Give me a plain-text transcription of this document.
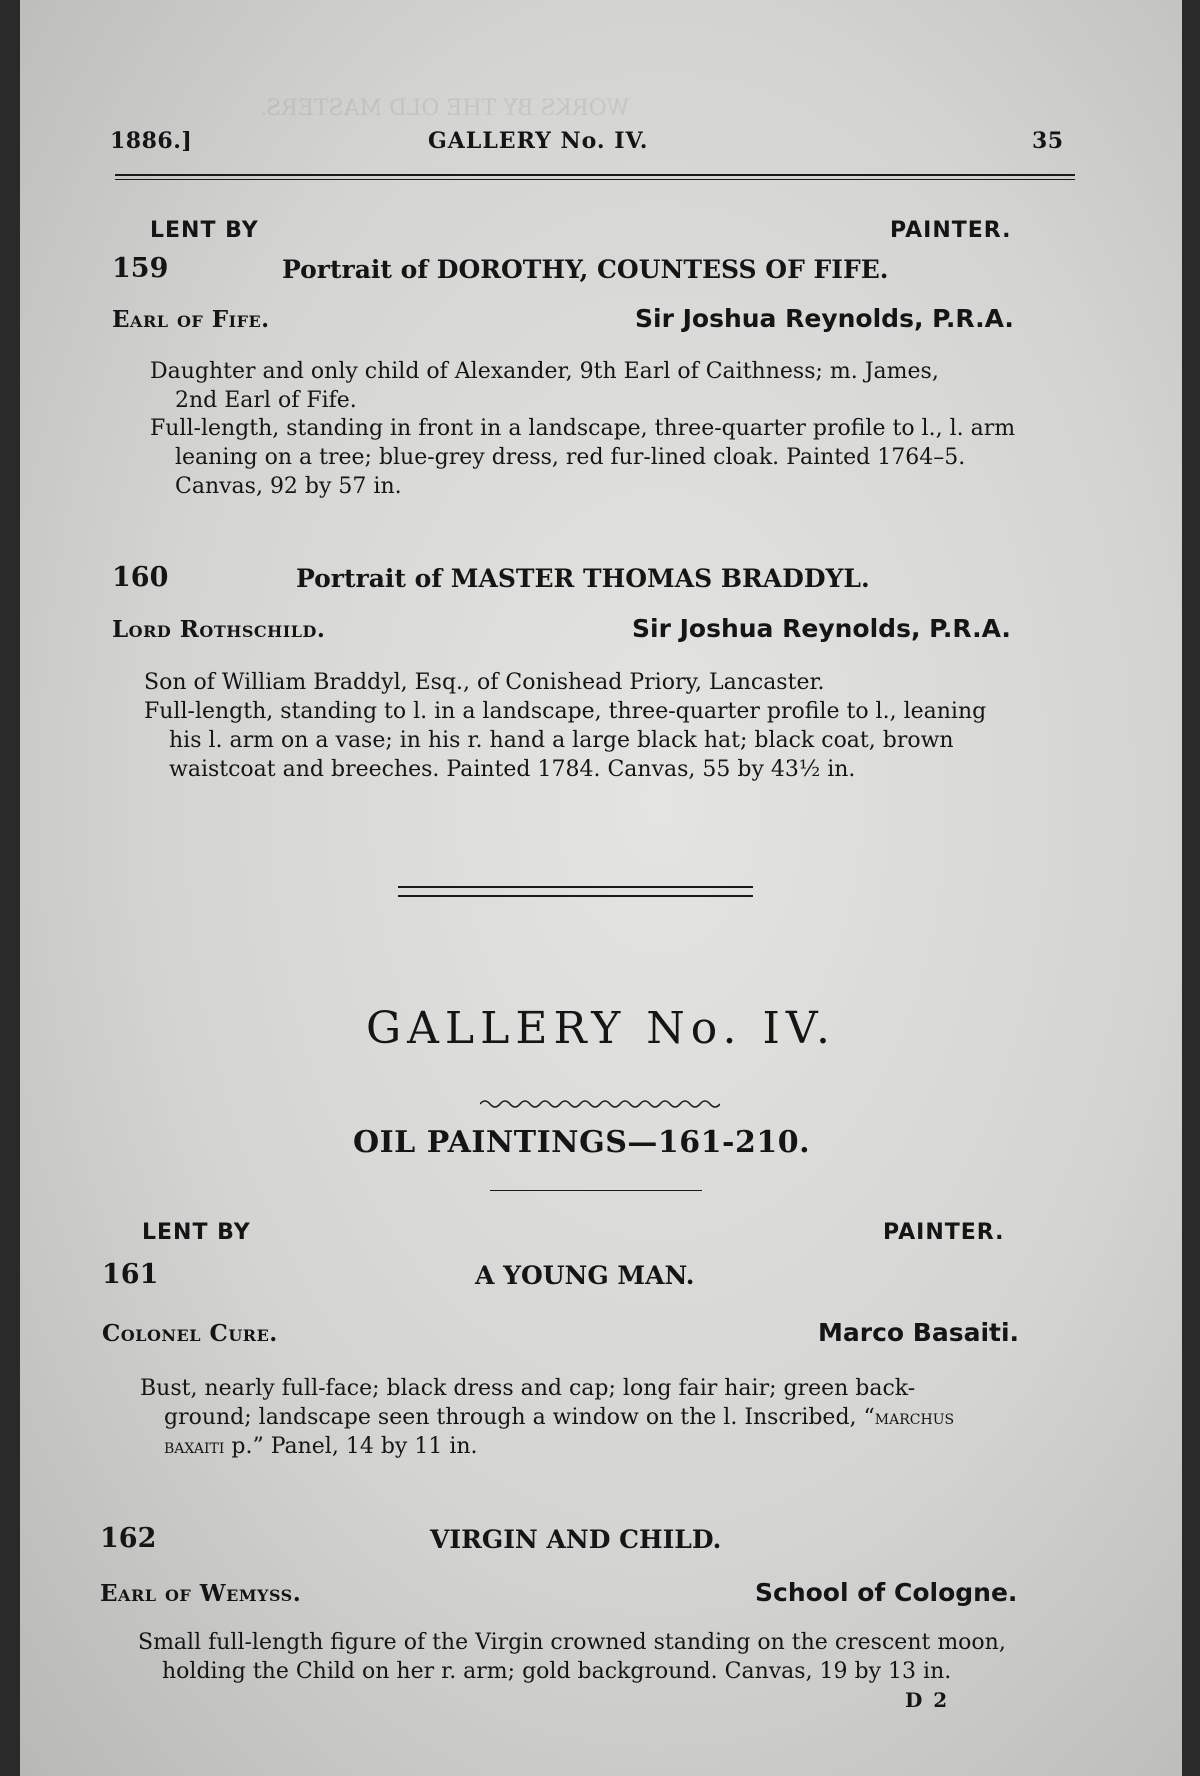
WORKS BY THE OLD MASTERS.
1886.]	GALLERY No. IV.	35
LENT BY	PAINTER.
159	Portrait of DOROTHY, COUNTESS OF FIFE.
Earl of Fife.	Sir Joshua Reynolds, P.R.A.
Daughter and only child of Alexander, 9th Earl of Caithness; m. James,
2nd Earl of Fife.
Full-length, standing in front in a landscape, three-quarter profile to l., l. arm
leaning on a tree; blue-grey dress, red fur-lined cloak. Painted 1764–5.
Canvas, 92 by 57 in.
160	Portrait of MASTER THOMAS BRADDYL.
Lord Rothschild.	Sir Joshua Reynolds, P.R.A.
Son of William Braddyl, Esq., of Conishead Priory, Lancaster.
Full-length, standing to l. in a landscape, three-quarter profile to l., leaning
his l. arm on a vase; in his r. hand a large black hat; black coat, brown
waistcoat and breeches. Painted 1784. Canvas, 55 by 43½ in.
GALLERY No. IV.
OIL PAINTINGS—161-210.
LENT BY	PAINTER.
161	A YOUNG MAN.
Colonel Cure.	Marco Basaiti.
Bust, nearly full-face; black dress and cap; long fair hair; green back-
ground; landscape seen through a window on the l. Inscribed, “marchus
baxaiti p.” Panel, 14 by 11 in.
162	VIRGIN AND CHILD.
Earl of Wemyss.	School of Cologne.
Small full-length figure of the Virgin crowned standing on the crescent moon,
holding the Child on her r. arm; gold background. Canvas, 19 by 13 in.
D 2
